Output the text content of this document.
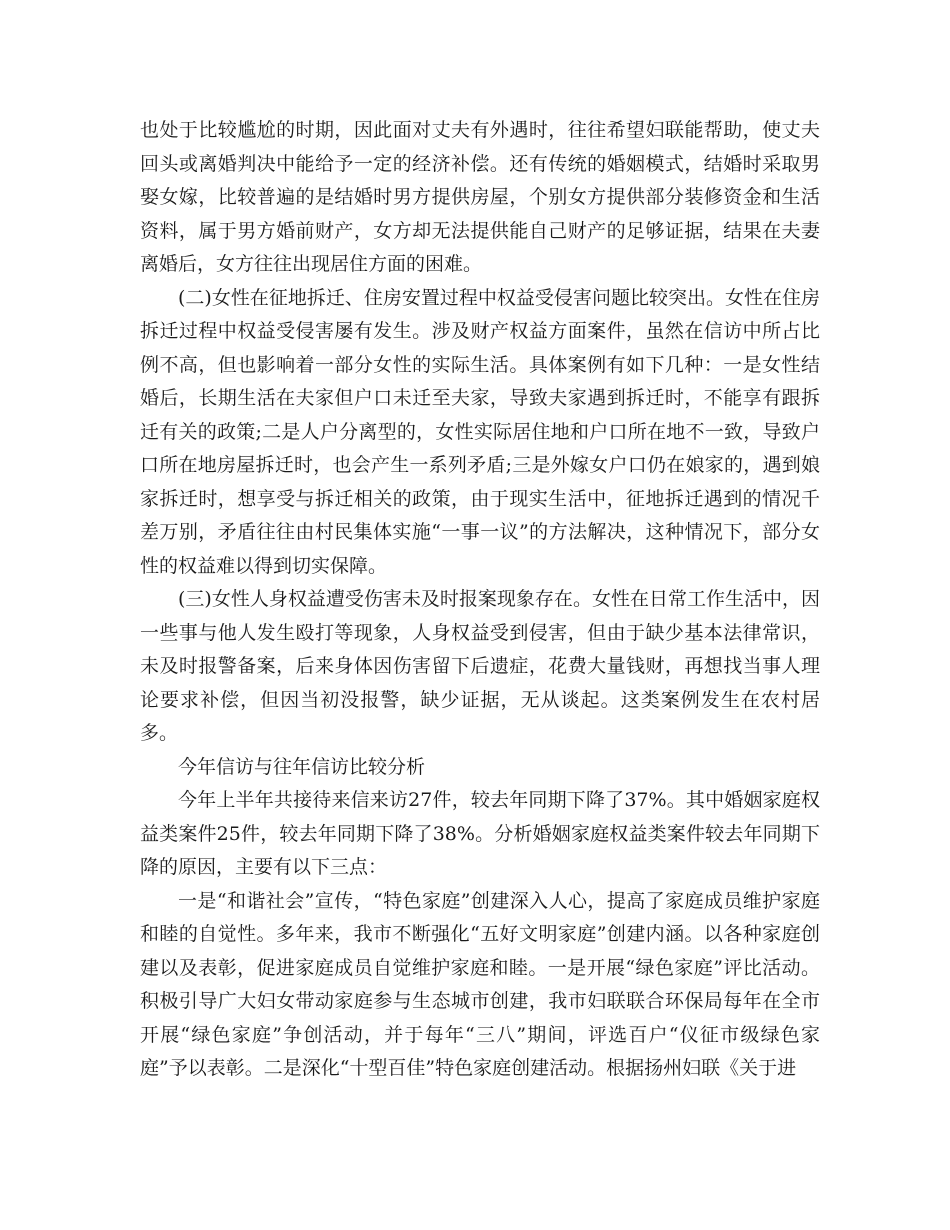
也处于比较尴尬的时期，因此面对丈夫有外遇时，往往希望妇联能帮助，使丈夫回头或离婚判决中能给予一定的经济补偿。还有传统的婚姻模式，结婚时采取男娶女嫁，比较普遍的是结婚时男方提供房屋，个别女方提供部分装修资金和生活资料，属于男方婚前财产，女方却无法提供能自己财产的足够证据，结果在夫妻离婚后，女方往往出现居住方面的困难。

(二)女性在征地拆迁、住房安置过程中权益受侵害问题比较突出。女性在住房拆迁过程中权益受侵害屡有发生。涉及财产权益方面案件，虽然在信访中所占比例不高，但也影响着一部分女性的实际生活。具体案例有如下几种：一是女性结婚后，长期生活在夫家但户口未迁至夫家，导致夫家遇到拆迁时，不能享有跟拆迁有关的政策;二是人户分离型的，女性实际居住地和户口所在地不一致，导致户口所在地房屋拆迁时，也会产生一系列矛盾;三是外嫁女户口仍在娘家的，遇到娘家拆迁时，想享受与拆迁相关的政策，由于现实生活中，征地拆迁遇到的情况千差万别，矛盾往往由村民集体实施“一事一议”的方法解决，这种情况下，部分女性的权益难以得到切实保障。

(三)女性人身权益遭受伤害未及时报案现象存在。女性在日常工作生活中，因一些事与他人发生殴打等现象，人身权益受到侵害，但由于缺少基本法律常识，未及时报警备案，后来身体因伤害留下后遗症，花费大量钱财，再想找当事人理论要求补偿，但因当初没报警，缺少证据，无从谈起。这类案例发生在农村居多。

今年信访与往年信访比较分析

今年上半年共接待来信来访27件，较去年同期下降了37%。其中婚姻家庭权益类案件25件，较去年同期下降了38%。分析婚姻家庭权益类案件较去年同期下降的原因，主要有以下三点：

一是“和谐社会”宣传，“特色家庭”创建深入人心，提高了家庭成员维护家庭和睦的自觉性。多年来，我市不断强化“五好文明家庭”创建内涵。以各种家庭创建以及表彰，促进家庭成员自觉维护家庭和睦。一是开展“绿色家庭”评比活动。积极引导广大妇女带动家庭参与生态城市创建，我市妇联联合环保局每年在全市开展“绿色家庭”争创活动，并于每年“三八”期间，评选百户“仪征市级绿色家庭”予以表彰。二是深化“十型百佳”特色家庭创建活动。根据扬州妇联《关于进
